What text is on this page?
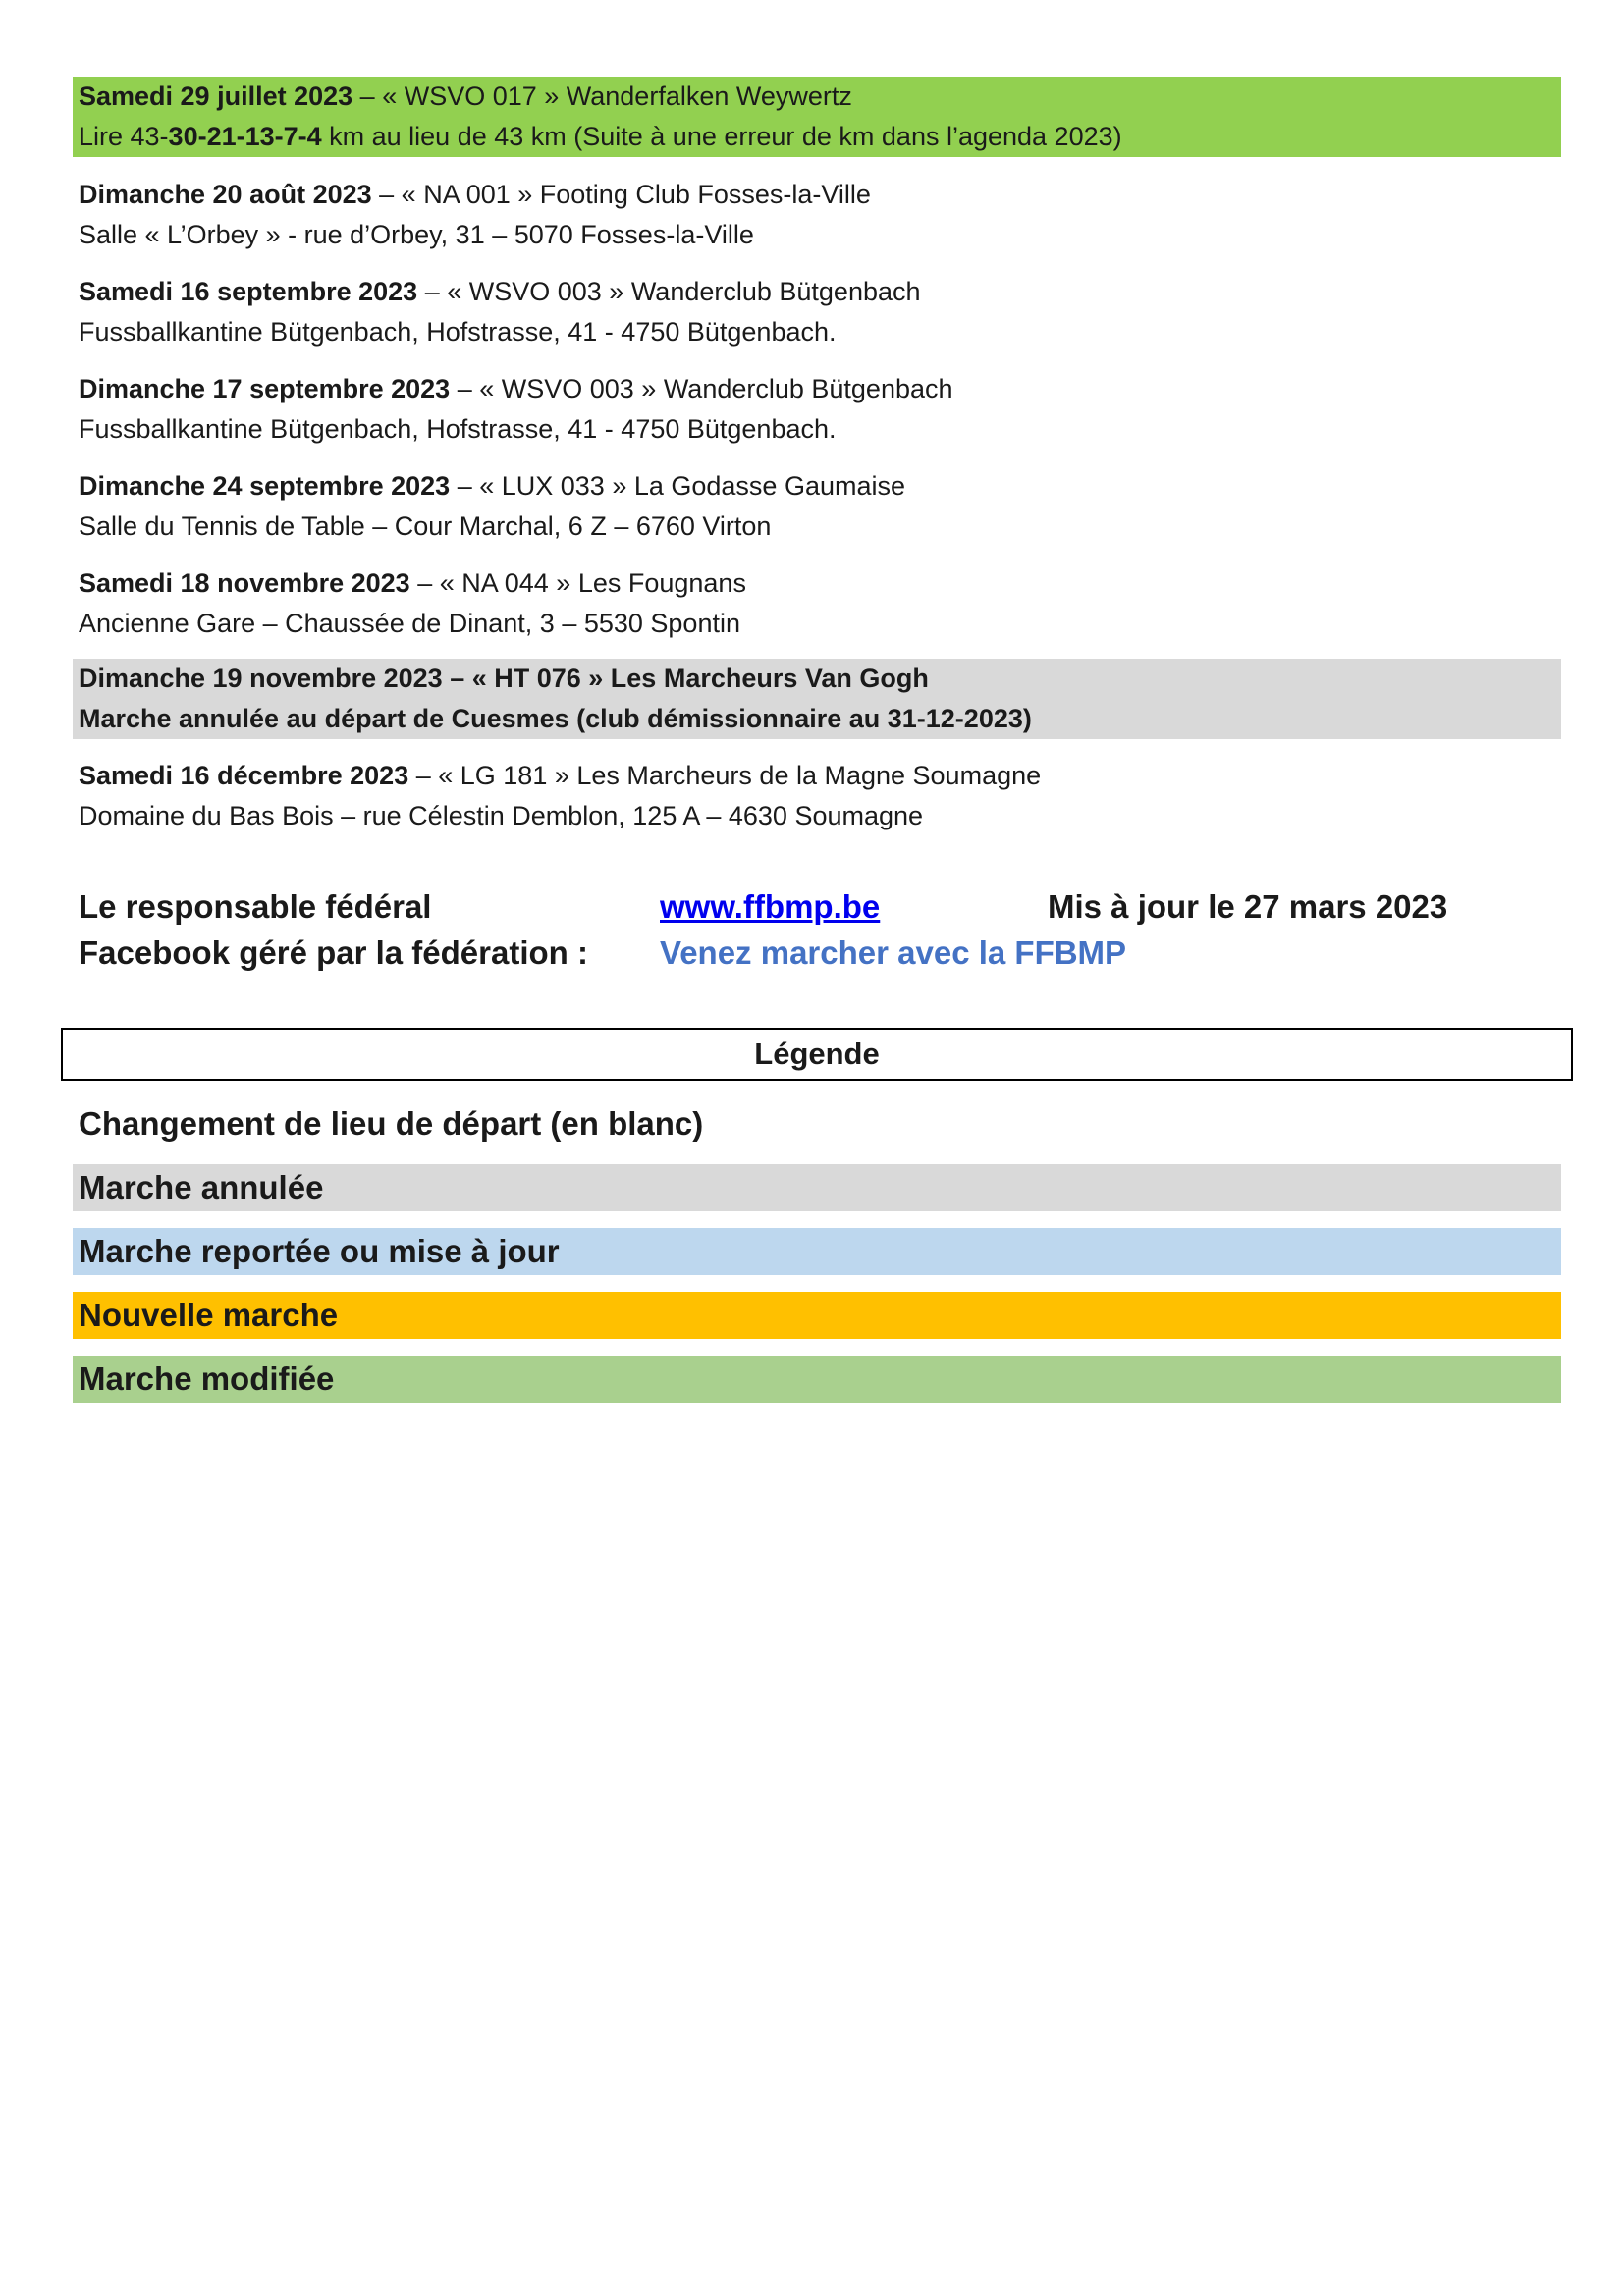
Samedi 29 juillet 2023 – « WSVO 017 » Wanderfalken Weywertz
Lire 43-30-21-13-7-4 km au lieu de 43 km (Suite à une erreur de km dans l’agenda 2023)
Dimanche 20 août 2023 – « NA 001 » Footing Club Fosses-la-Ville
Salle « L’Orbey » - rue d’Orbey, 31 – 5070 Fosses-la-Ville
Samedi 16 septembre 2023 – « WSVO 003 » Wanderclub Bütgenbach
Fussballkantine Bütgenbach, Hofstrasse, 41 - 4750 Bütgenbach.
Dimanche 17 septembre 2023 – « WSVO 003 » Wanderclub Bütgenbach
Fussballkantine Bütgenbach, Hofstrasse, 41 - 4750 Bütgenbach.
Dimanche 24 septembre 2023 – « LUX 033 » La Godasse Gaumaise
Salle du Tennis de Table – Cour Marchal, 6 Z – 6760 Virton
Samedi 18 novembre 2023 – « NA 044 » Les Fougnans
Ancienne Gare – Chaussée de Dinant, 3 – 5530 Spontin
Dimanche 19 novembre 2023 – « HT 076 » Les Marcheurs Van Gogh
Marche annulée au départ de Cuesmes (club démissionnaire au 31-12-2023)
Samedi 16 décembre 2023 – « LG 181 » Les Marcheurs de la Magne Soumagne
Domaine du Bas Bois – rue Célestin Demblon, 125 A – 4630 Soumagne
Le responsable fédéral	www.ffbmp.be	Mis à jour le 27 mars 2023
Facebook géré par la fédération : Venez marcher avec la FFBMP
Légende
Changement de lieu de départ (en blanc)
Marche annulée
Marche reportée ou mise à jour
Nouvelle marche
Marche modifiée
